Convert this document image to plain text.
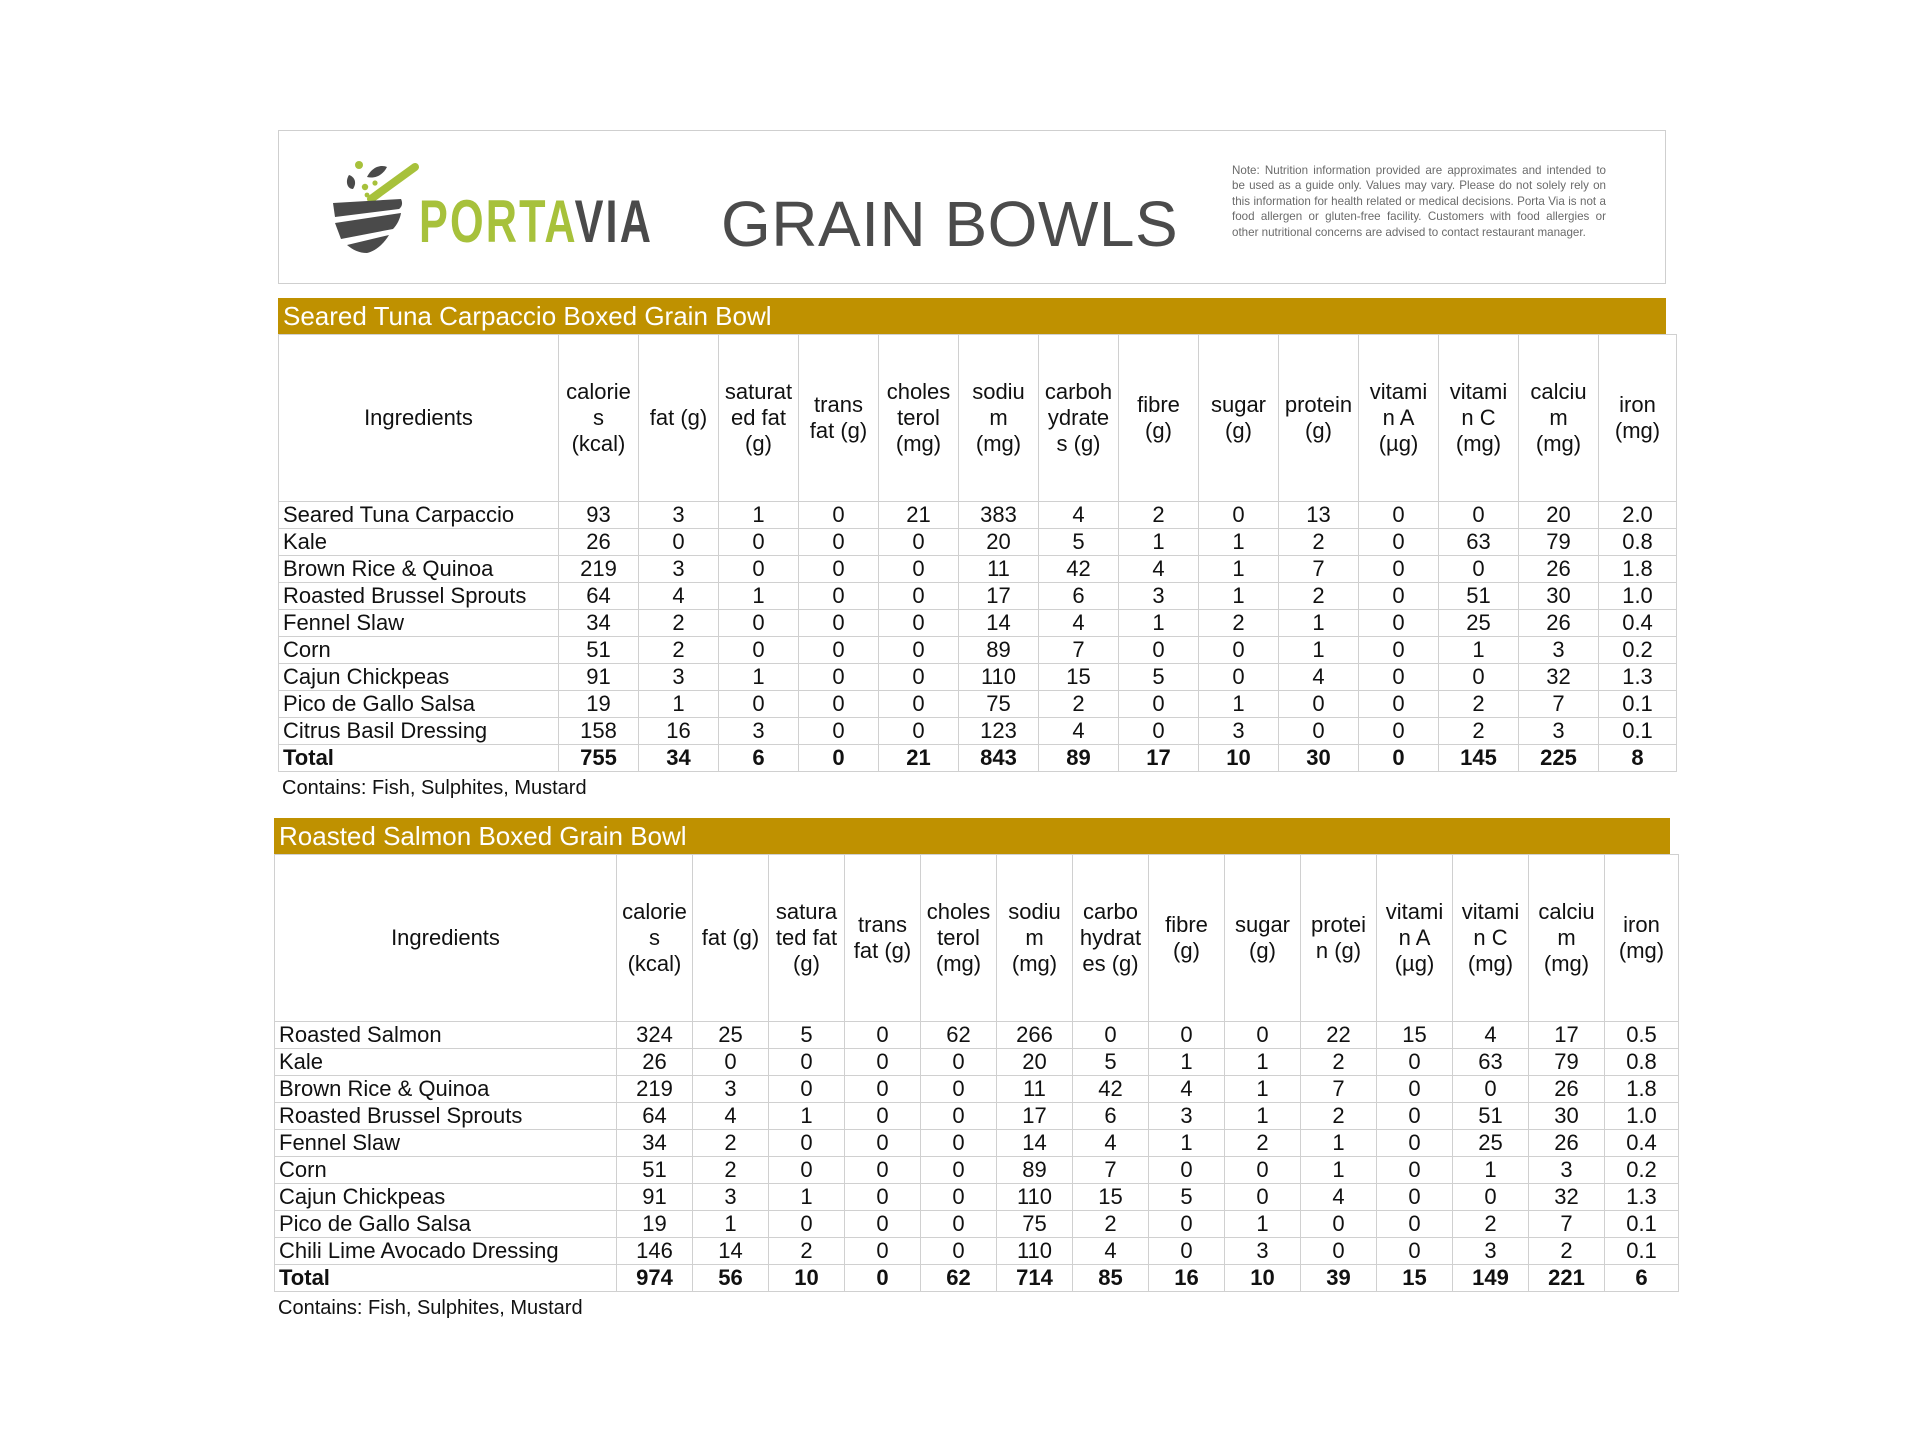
PORTAVIA GRAIN BOWLS
Note: Nutrition information provided are approximates and intended to be used as a guide only. Values may vary. Please do not solely rely on this information for health related or medical decisions. Porta Via is not a food allergen or gluten-free facility. Customers with food allergies or other nutritional concerns are advised to contact restaurant manager.
Seared Tuna Carpaccio Boxed Grain Bowl
Ingredients	calorie
s
(kcal)	fat (g)	saturat
ed fat
(g)	trans
fat (g)	choles
terol
(mg)	sodiu
m
(mg)	carboh
ydrate
s (g)	fibre
(g)	sugar
(g)	protein
(g)	vitami
n A
(µg)	vitami
n C
(mg)	calciu
m
(mg)	iron
(mg)
Seared Tuna Carpaccio	93	3	1	0	21	383	4	2	0	13	0	0	20	2.0
Kale	26	0	0	0	0	20	5	1	1	2	0	63	79	0.8
Brown Rice & Quinoa	219	3	0	0	0	11	42	4	1	7	0	0	26	1.8
Roasted Brussel Sprouts	64	4	1	0	0	17	6	3	1	2	0	51	30	1.0
Fennel Slaw	34	2	0	0	0	14	4	1	2	1	0	25	26	0.4
Corn	51	2	0	0	0	89	7	0	0	1	0	1	3	0.2
Cajun Chickpeas	91	3	1	0	0	110	15	5	0	4	0	0	32	1.3
Pico de Gallo Salsa	19	1	0	0	0	75	2	0	1	0	0	2	7	0.1
Citrus Basil Dressing	158	16	3	0	0	123	4	0	3	0	0	2	3	0.1
Total	755	34	6	0	21	843	89	17	10	30	0	145	225	8
Contains: Fish, Sulphites, Mustard
Roasted Salmon Boxed Grain Bowl
Ingredients	calorie
s
(kcal)	fat (g)	satura
ted fat
(g)	trans
fat (g)	choles
terol
(mg)	sodiu
m
(mg)	carbo
hydrat
es (g)	fibre
(g)	sugar
(g)	protei
n (g)	vitami
n A
(µg)	vitami
n C
(mg)	calciu
m
(mg)	iron
(mg)
Roasted Salmon	324	25	5	0	62	266	0	0	0	22	15	4	17	0.5
Kale	26	0	0	0	0	20	5	1	1	2	0	63	79	0.8
Brown Rice & Quinoa	219	3	0	0	0	11	42	4	1	7	0	0	26	1.8
Roasted Brussel Sprouts	64	4	1	0	0	17	6	3	1	2	0	51	30	1.0
Fennel Slaw	34	2	0	0	0	14	4	1	2	1	0	25	26	0.4
Corn	51	2	0	0	0	89	7	0	0	1	0	1	3	0.2
Cajun Chickpeas	91	3	1	0	0	110	15	5	0	4	0	0	32	1.3
Pico de Gallo Salsa	19	1	0	0	0	75	2	0	1	0	0	2	7	0.1
Chili Lime Avocado Dressing	146	14	2	0	0	110	4	0	3	0	0	3	2	0.1
Total	974	56	10	0	62	714	85	16	10	39	15	149	221	6
Contains: Fish, Sulphites, Mustard
